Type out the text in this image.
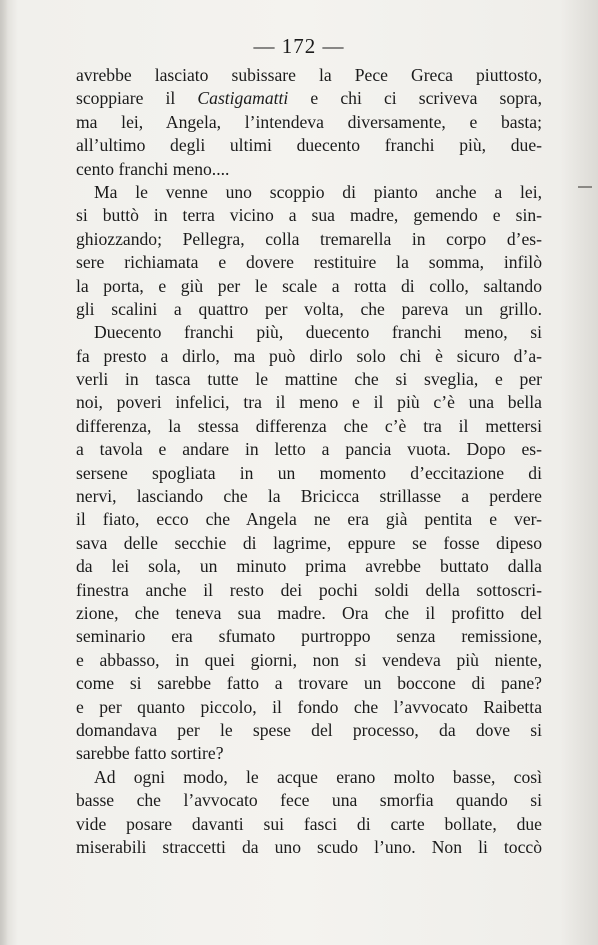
— 172 —
avrebbe lasciato subissare la Pece Greca piuttosto,
scoppiare il Castigamatti e chi ci scriveva sopra,
ma lei, Angela, l’intendeva diversamente, e basta;
all’ultimo degli ultimi duecento franchi più, due-
cento franchi meno....
Ma le venne uno scoppio di pianto anche a lei,
si buttò in terra vicino a sua madre, gemendo e sin-
ghiozzando; Pellegra, colla tremarella in corpo d’es-
sere richiamata e dovere restituire la somma, infilò
la porta, e giù per le scale a rotta di collo, saltando
gli scalini a quattro per volta, che pareva un grillo.
Duecento franchi più, duecento franchi meno, si
fa presto a dirlo, ma può dirlo solo chi è sicuro d’a-
verli in tasca tutte le mattine che si sveglia, e per
noi, poveri infelici, tra il meno e il più c’è una bella
differenza, la stessa differenza che c’è tra il mettersi
a tavola e andare in letto a pancia vuota. Dopo es-
sersene spogliata in un momento d’eccitazione di
nervi, lasciando che la Bricicca strillasse a perdere
il fiato, ecco che Angela ne era già pentita e ver-
sava delle secchie di lagrime, eppure se fosse dipeso
da lei sola, un minuto prima avrebbe buttato dalla
finestra anche il resto dei pochi soldi della sottoscri-
zione, che teneva sua madre. Ora che il profitto del
seminario era sfumato purtroppo senza remissione,
e abbasso, in quei giorni, non si vendeva più niente,
come si sarebbe fatto a trovare un boccone di pane?
e per quanto piccolo, il fondo che l’avvocato Raibetta
domandava per le spese del processo, da dove si
sarebbe fatto sortire?
Ad ogni modo, le acque erano molto basse, così
basse che l’avvocato fece una smorfia quando si
vide posare davanti sui fasci di carte bollate, due
miserabili straccetti da uno scudo l’uno. Non li toccò
